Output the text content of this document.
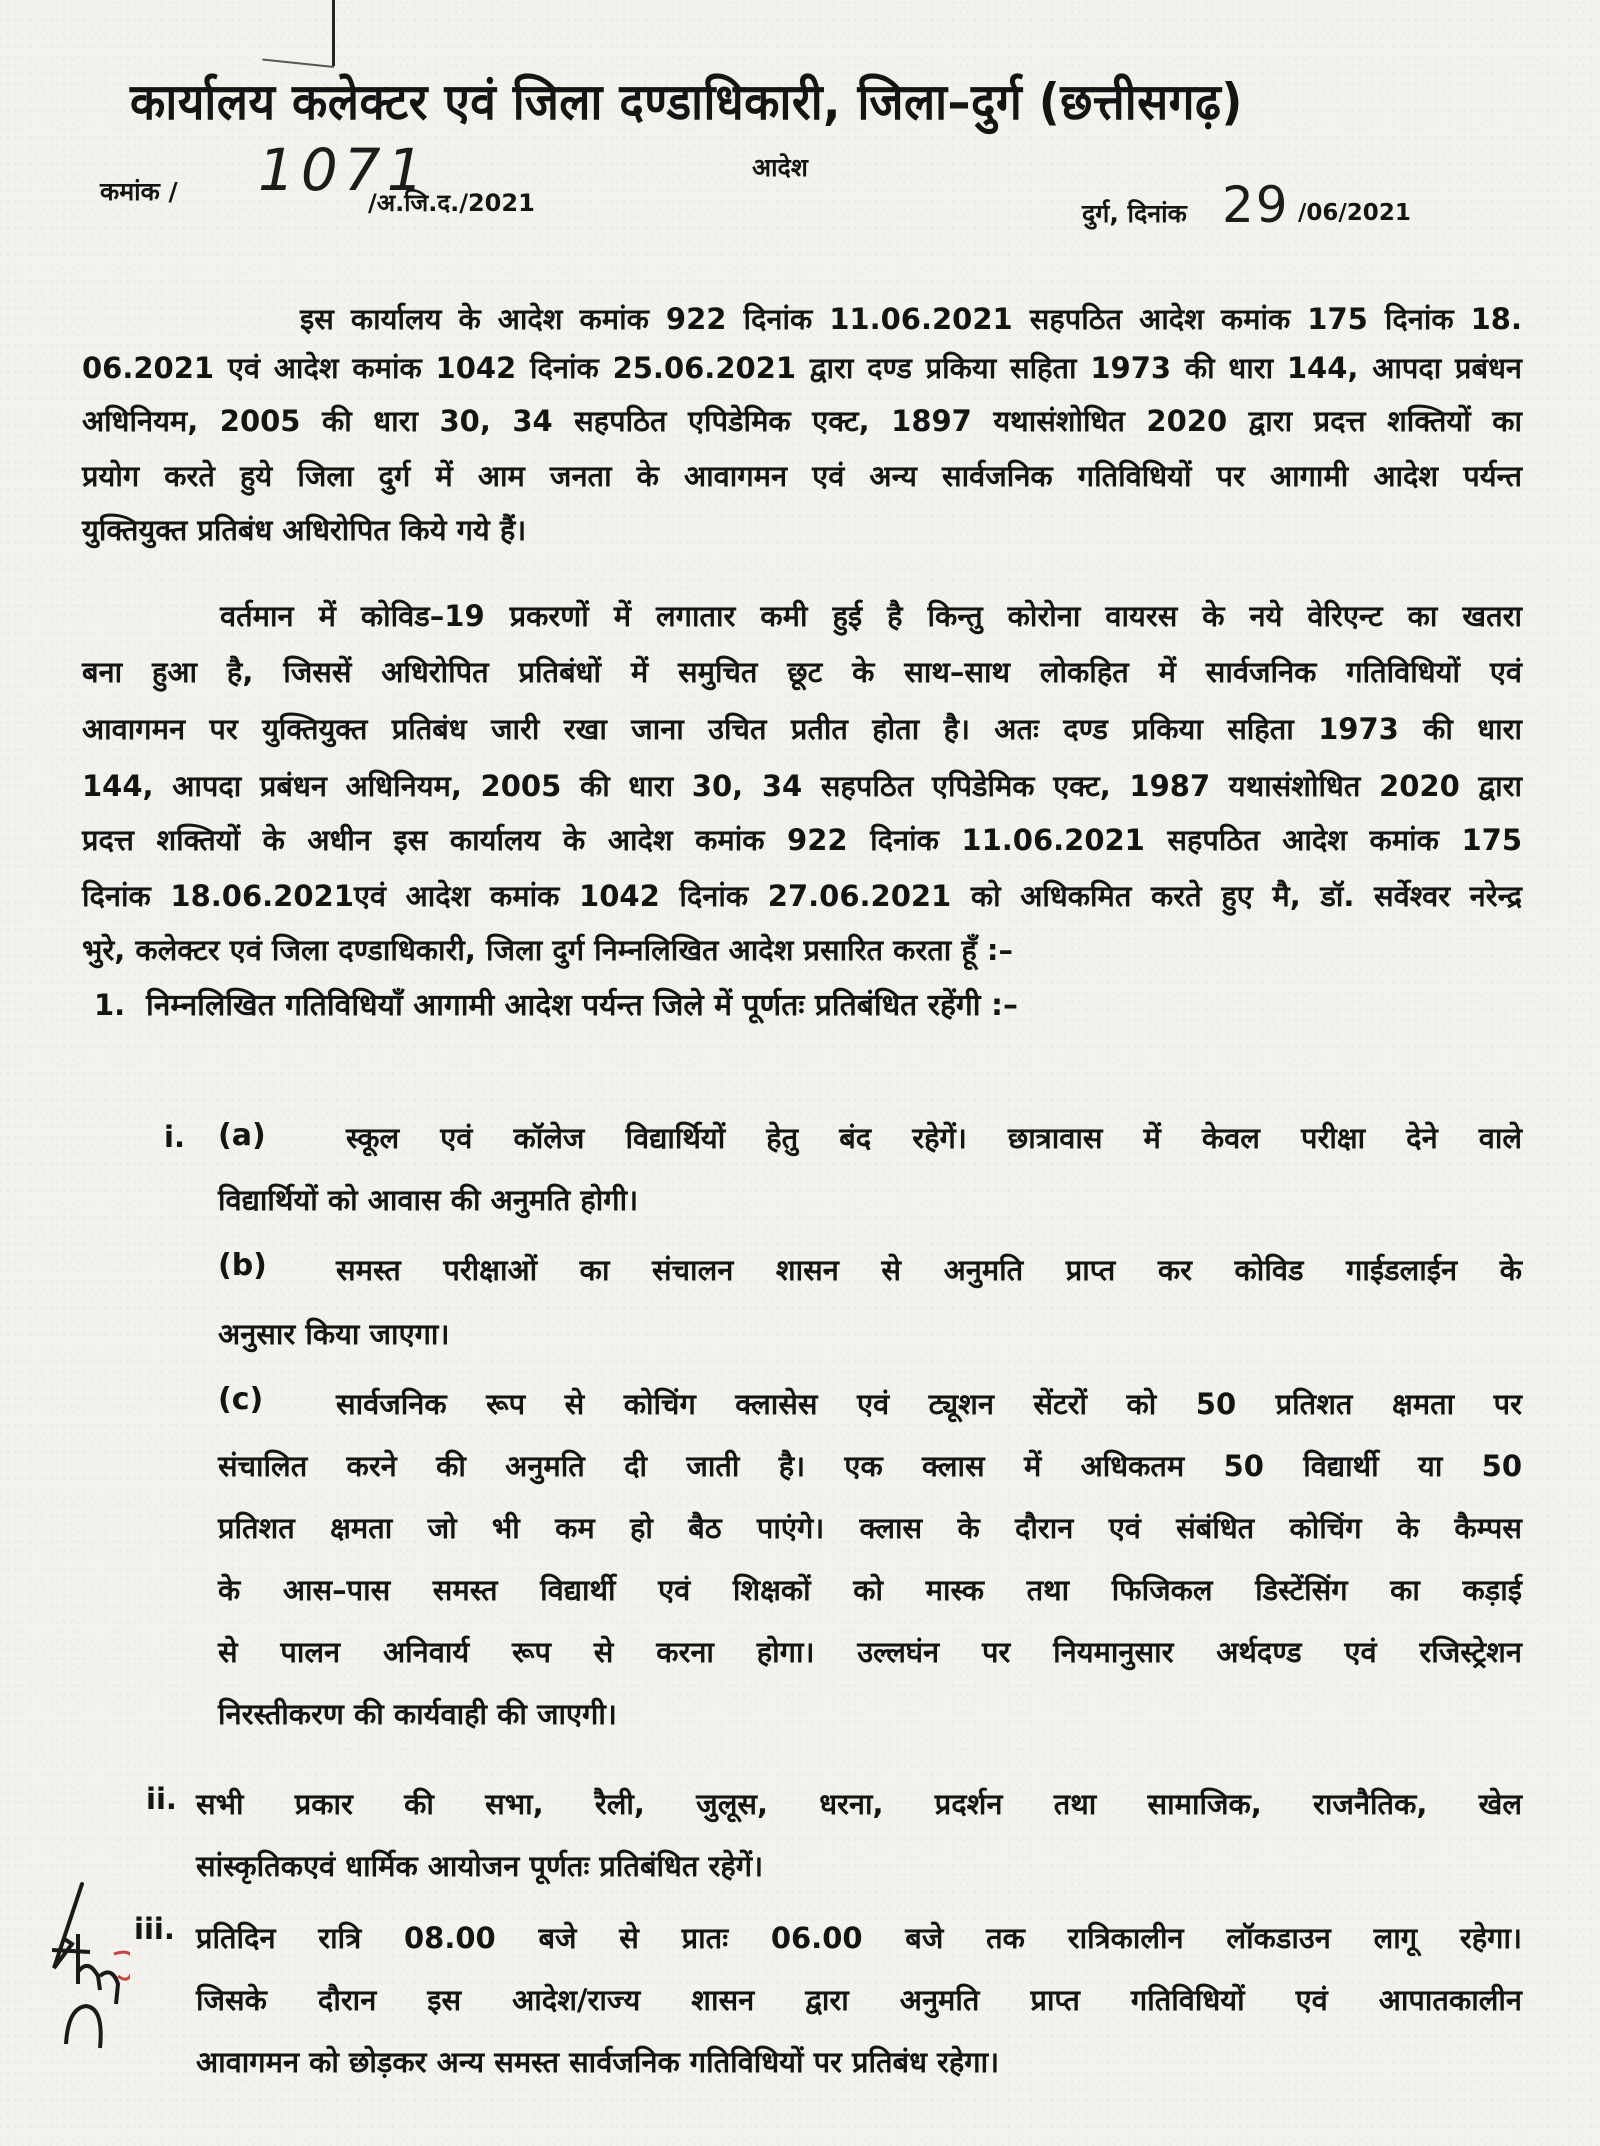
कार्यालय कलेक्टर एवं जिला दण्डाधिकारी, जिला–दुर्ग (छत्तीसगढ़)
आदेश
कमांक / 1071
/अ.जि.द./2021	दुर्ग, दिनांक 29 /06/2021
इस कार्यालय के आदेश कमांक 922 दिनांक 11.06.2021 सहपठित आदेश कमांक 175 दिनांक 18.
06.2021 एवं आदेश कमांक 1042 दिनांक 25.06.2021 द्वारा दण्ड प्रकिया सहिता 1973 की धारा 144, आपदा प्रबंधन
अधिनियम, 2005 की धारा 30, 34 सहपठित एपिडेमिक एक्ट, 1897 यथासंशोधित 2020 द्वारा प्रदत्त शक्तियों का
प्रयोग करते हुये जिला दुर्ग में आम जनता के आवागमन एवं अन्य सार्वजनिक गतिविधियों पर आगामी आदेश पर्यन्त
युक्तियुक्त प्रतिबंध अधिरोपित किये गये हैं।
वर्तमान में कोविड–19 प्रकरणों में लगातार कमी हुई है किन्तु कोरोना वायरस के नये वेरिएन्ट का खतरा
बना हुआ है, जिससें अधिरोपित प्रतिबंधों में समुचित छूट के साथ–साथ लोकहित में सार्वजनिक गतिविधियों एवं
आवागमन पर युक्तियुक्त प्रतिबंध जारी रखा जाना उचित प्रतीत होता है। अतः दण्ड प्रकिया सहिता 1973 की धारा
144, आपदा प्रबंधन अधिनियम, 2005 की धारा 30, 34 सहपठित एपिडेमिक एक्ट, 1987 यथासंशोधित 2020 द्वारा
प्रदत्त शक्तियों के अधीन इस कार्यालय के आदेश कमांक 922 दिनांक 11.06.2021 सहपठित आदेश कमांक 175
दिनांक 18.06.2021एवं आदेश कमांक 1042 दिनांक 27.06.2021 को अधिकमित करते हुए मै, डॉ. सर्वेश्वर नरेन्द्र
भुरे, कलेक्टर एवं जिला दण्डाधिकारी, जिला दुर्ग निम्नलिखित आदेश प्रसारित करता हूँ :–
1. निम्नलिखित गतिविधियाँ आगामी आदेश पर्यन्त जिले में पूर्णतः प्रतिबंधित रहेंगी :–
i. (a)	स्कूल एवं कॉलेज विद्यार्थियों हेतु बंद रहेगें। छात्रावास में केवल परीक्षा देने वाले
विद्यार्थियों को आवास की अनुमति होगी।
(b) समस्त परीक्षाओं का संचालन शासन से अनुमति प्राप्त कर कोविड गाईडलाईन के
अनुसार किया जाएगा।
(c)	सार्वजनिक रूप से कोचिंग क्लासेस एवं ट्यूशन सेंटरों को 50 प्रतिशत क्षमता पर
संचालित करने की अनुमति दी जाती है। एक क्लास में अधिकतम 50 विद्यार्थी या 50
प्रतिशत क्षमता जो भी कम हो बैठ पाएंगे। क्लास के दौरान एवं संबंधित कोचिंग के कैम्पस
के आस–पास समस्त विद्यार्थी एवं शिक्षकों को मास्क तथा फिजिकल डिस्टेंसिंग का कड़ाई
से पालन अनिवार्य रूप से करना होगा। उल्लघंन पर नियमानुसार अर्थदण्ड एवं रजिस्ट्रेशन
निरस्तीकरण की कार्यवाही की जाएगी।
ii. सभी प्रकार की सभा, रैली, जुलूस, धरना, प्रदर्शन तथा सामाजिक, राजनैतिक, खेल
सांस्कृतिकएवं धार्मिक आयोजन पूर्णतः प्रतिबंधित रहेगें।
iii. प्रतिदिन रात्रि 08.00 बजे से प्रातः 06.00 बजे तक रात्रिकालीन लॉकडाउन लागू रहेगा।
जिसके दौरान इस आदेश/राज्य शासन द्वारा अनुमति प्राप्त गतिविधियों एवं आपातकालीन
आवागमन को छोड़कर अन्य समस्त सार्वजनिक गतिविधियों पर प्रतिबंध रहेगा।
